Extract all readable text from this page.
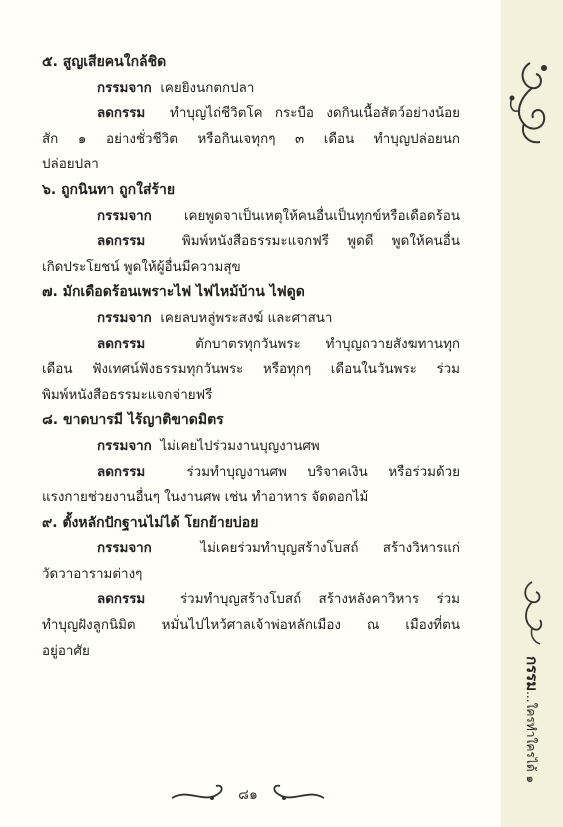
๕. สูญเสียคนใกล้ชิด
กรรมจาก เคยยิงนกตกปลา
ลดกรรม ทำบุญไถ่ชีวิตโค กระบือ งดกินเนื้อสัตว์อย่างน้อย
สัก ๑ อย่างชั่วชีวิต หรือกินเจทุกๆ ๓ เดือน ทำบุญปล่อยนก
ปล่อยปลา
๖. ถูกนินทา ถูกใส่ร้าย
กรรมจาก เคยพูดจาเป็นเหตุให้คนอื่นเป็นทุกข์หรือเดือดร้อน
ลดกรรม	พิมพ์หนังสือธรรมะแจกฟรี พูดดี พูดให้คนอื่น
เกิดประโยชน์ พูดให้ผู้อื่นมีความสุข
๗. มักเดือดร้อนเพราะไฟ ไฟไหม้บ้าน ไฟดูด
กรรมจาก เคยลบหลู่พระสงฆ์ และศาสนา
ลดกรรม	ตักบาตรทุกวันพระ ทำบุญถวายสังฆทานทุก
เดือน ฟังเทศน์ฟังธรรมทุกวันพระ หรือทุกๆ เดือนในวันพระ ร่วม
พิมพ์หนังสือธรรมะแจกจ่ายฟรี
๘. ขาดบารมี ไร้ญาติขาดมิตร
กรรมจาก ไม่เคยไปร่วมงานบุญงานศพ
ลดกรรม	ร่วมทำบุญงานศพ บริจาคเงิน หรือร่วมด้วย
แรงกายช่วยงานอื่นๆ ในงานศพ เช่น ทำอาหาร จัดดอกไม้
๙. ตั้งหลักปักฐานไม่ได้ โยกย้ายบ่อย
กรรมจาก	ไม่เคยร่วมทำบุญสร้างโบสถ์ สร้างวิหารแก่
วัดวาอารามต่างๆ
ลดกรรม	ร่วมทำบุญสร้างโบสถ์ สร้างหลังคาวิหาร ร่วม
ทำบุญฝังลูกนิมิต หมั่นไปไหว้ศาลเจ้าพ่อหลักเมือง ณ เมืองที่ตน
อยู่อาศัย
กรรม...ใครทำใครได้ ๑
๘๑
